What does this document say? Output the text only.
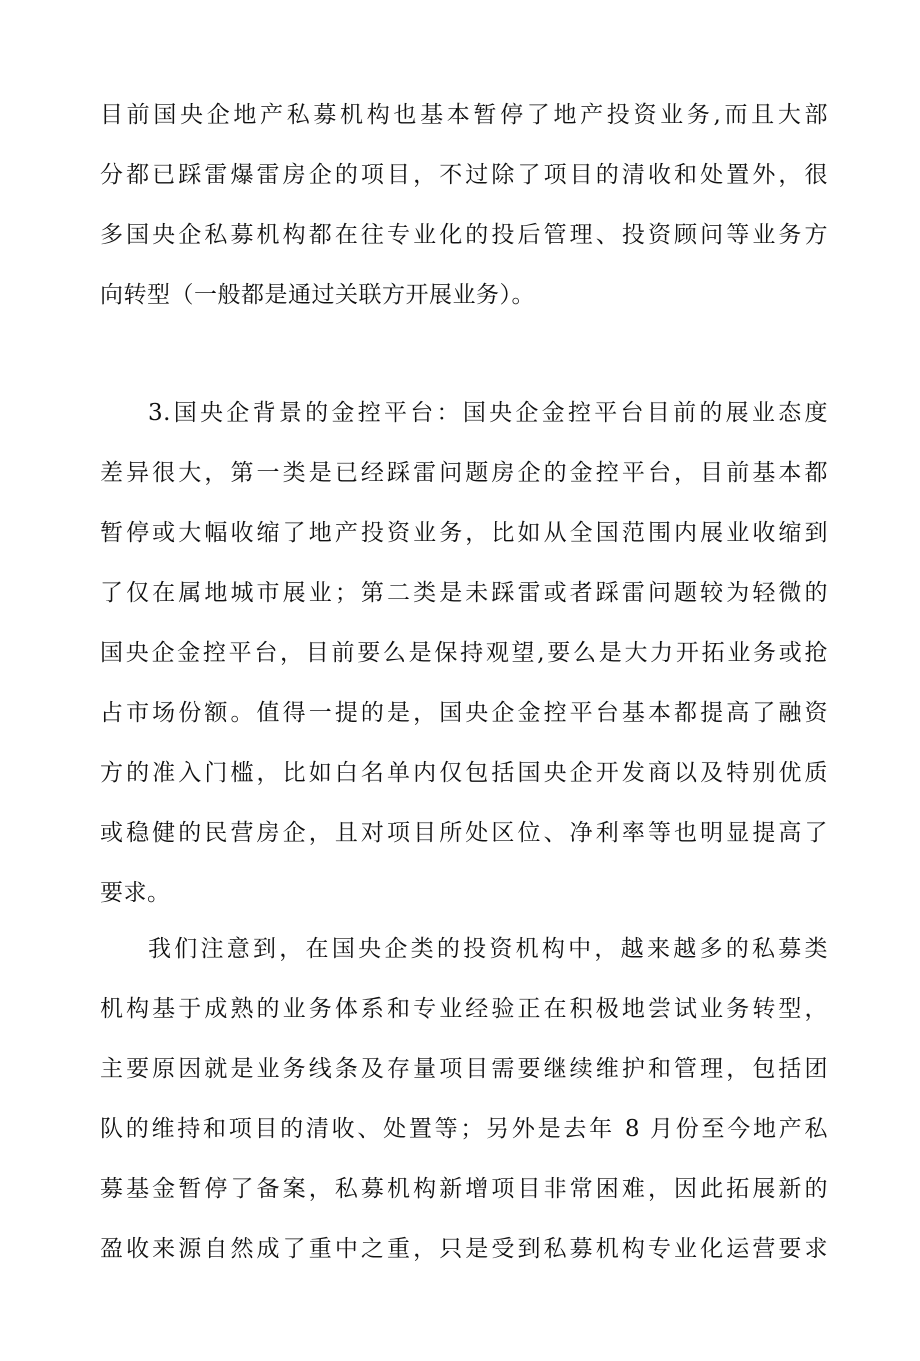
目前国央企地产私募机构也基本暂停了地产投资业务,而且大部
分都已踩雷爆雷房企的项目，不过除了项目的清收和处置外，很
多国央企私募机构都在往专业化的投后管理、投资顾问等业务方
向转型（一般都是通过关联方开展业务）。
3.国央企背景的金控平台：国央企金控平台目前的展业态度
差异很大，第一类是已经踩雷问题房企的金控平台，目前基本都
暂停或大幅收缩了地产投资业务，比如从全国范围内展业收缩到
了仅在属地城市展业；第二类是未踩雷或者踩雷问题较为轻微的
国央企金控平台，目前要么是保持观望,要么是大力开拓业务或抢
占市场份额。值得一提的是，国央企金控平台基本都提高了融资
方的准入门槛，比如白名单内仅包括国央企开发商以及特别优质
或稳健的民营房企，且对项目所处区位、净利率等也明显提高了
要求。
我们注意到，在国央企类的投资机构中，越来越多的私募类
机构基于成熟的业务体系和专业经验正在积极地尝试业务转型，
主要原因就是业务线条及存量项目需要继续维护和管理，包括团
队的维持和项目的清收、处置等；另外是去年 8 月份至今地产私
募基金暂停了备案，私募机构新增项目非常困难，因此拓展新的
盈收来源自然成了重中之重，只是受到私募机构专业化运营要求
